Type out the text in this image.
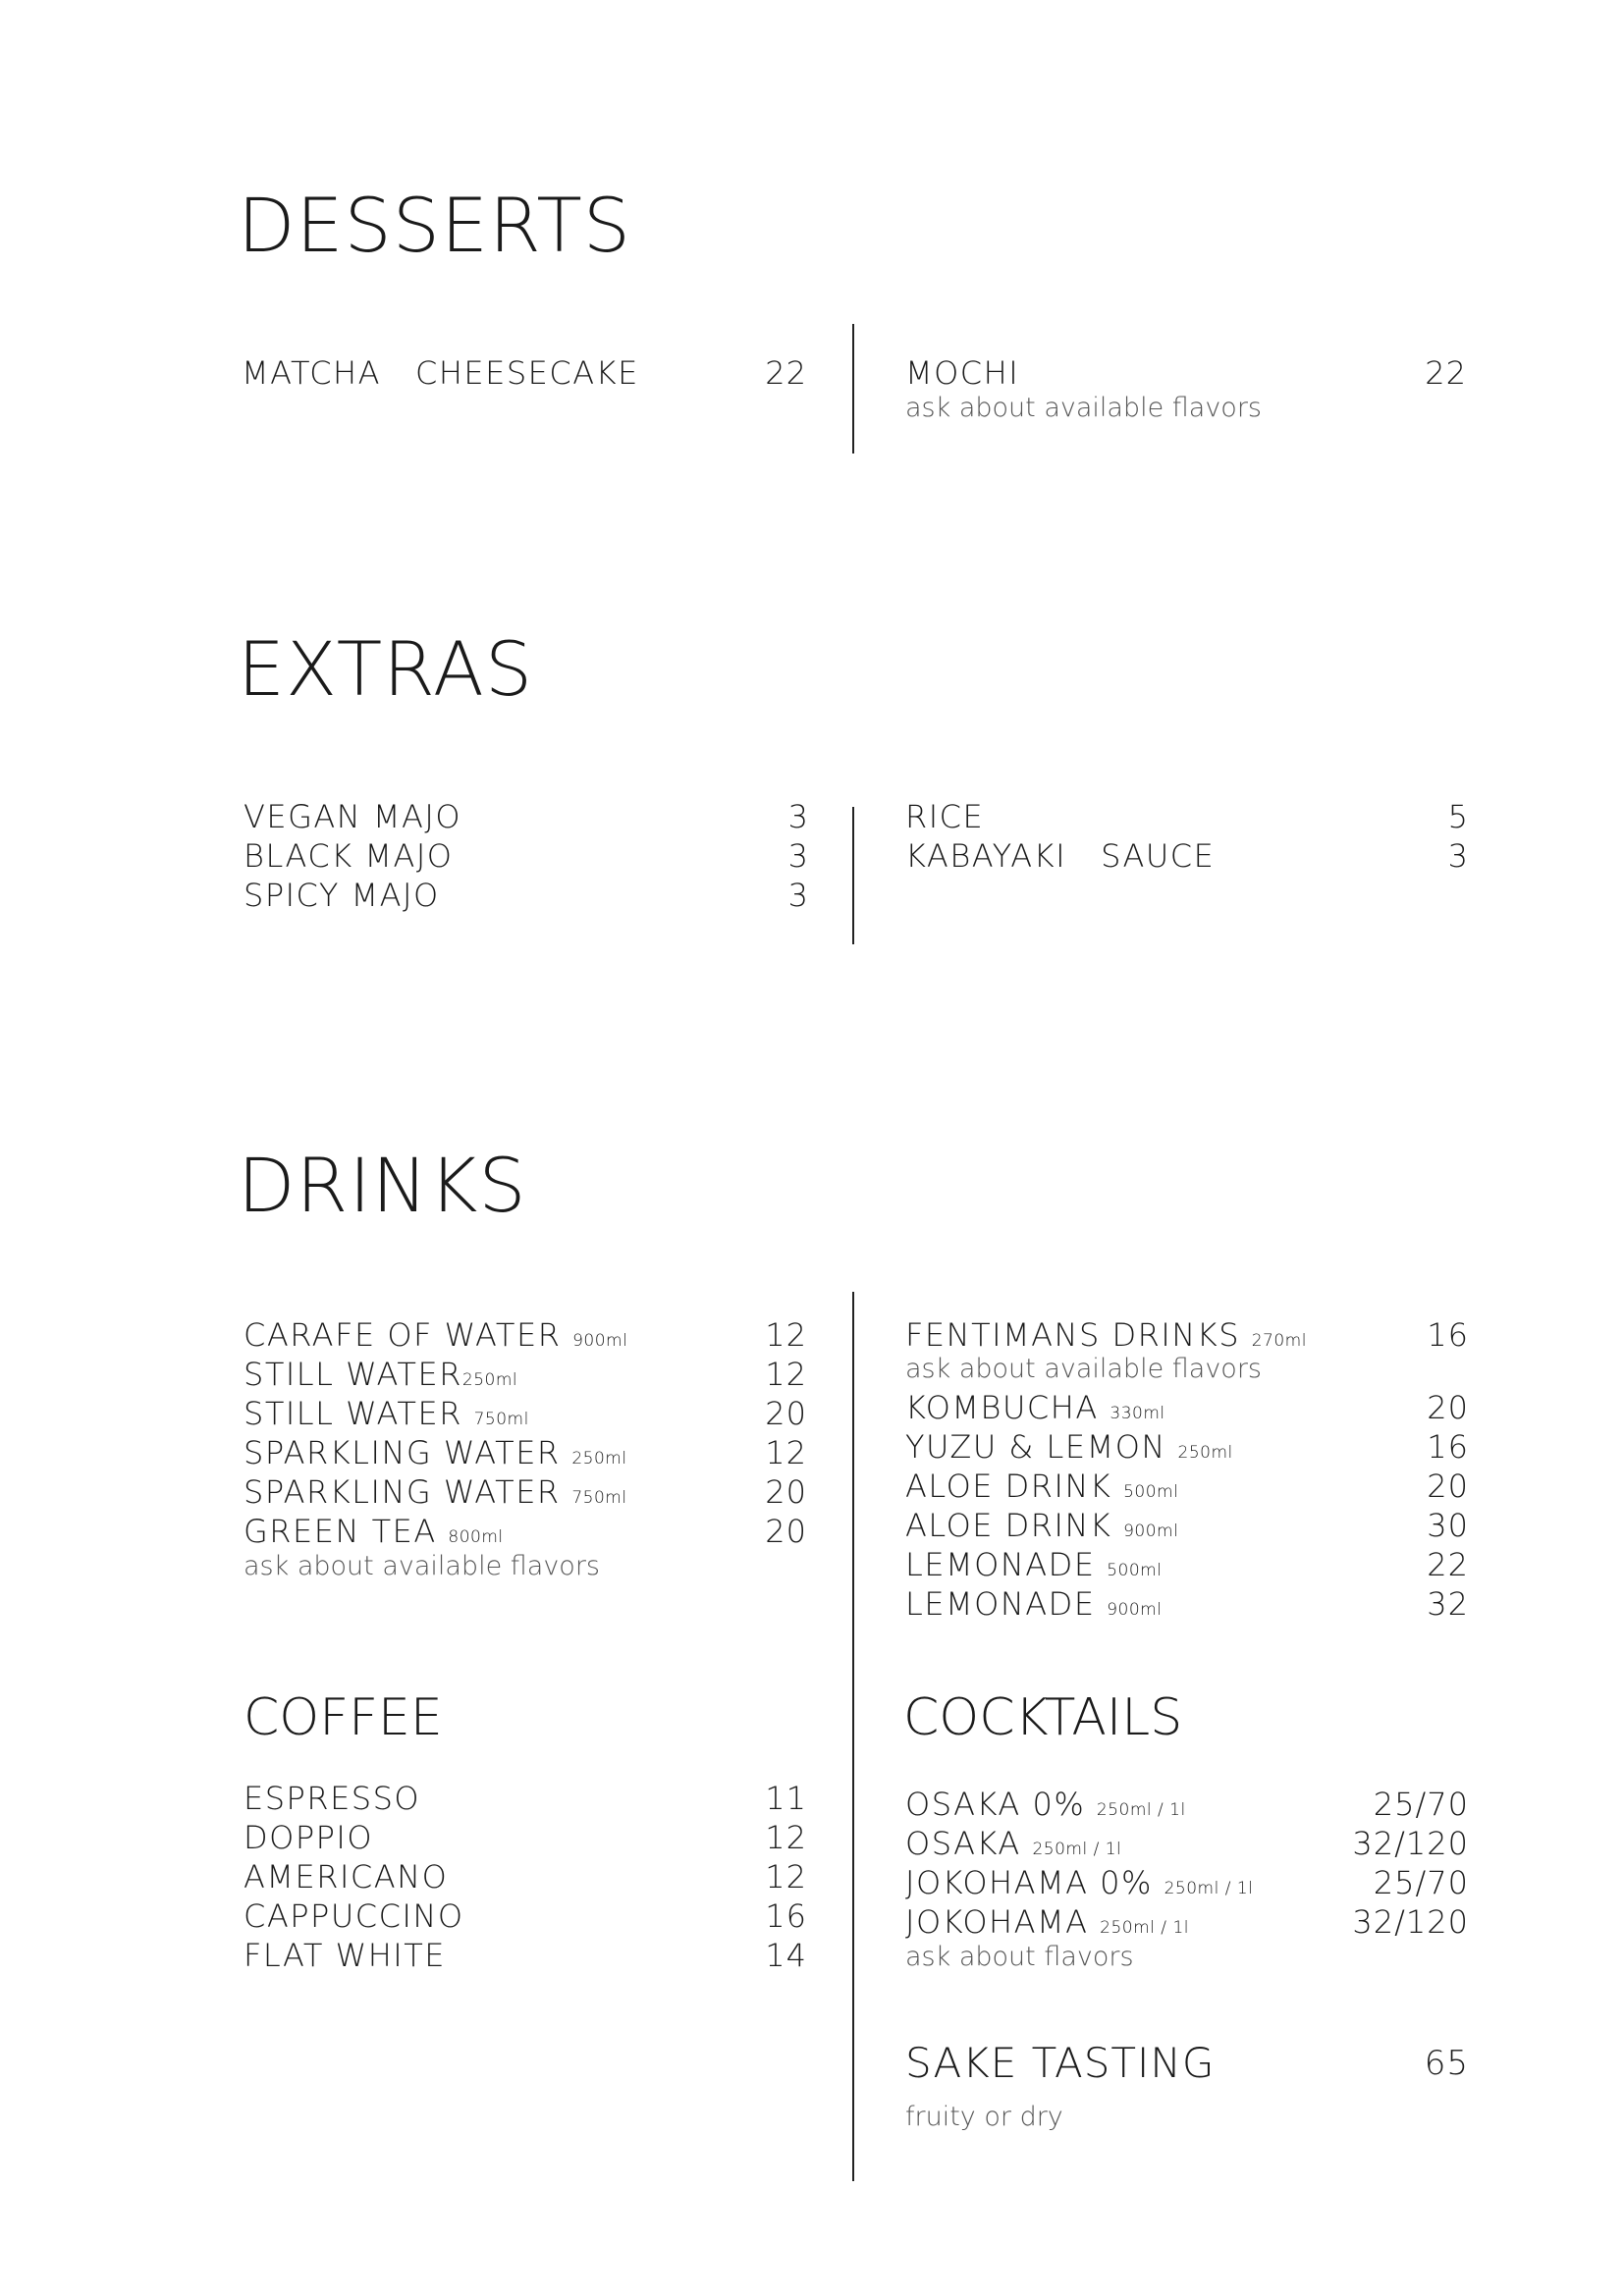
DESSERTS
MATCHA   CHEESECAKE	22	MOCHI	22
ask about available flavors
EXTRAS
VEGAN MAJO	3
BLACK MAJO	3
SPICY MAJO	3
RICE	5
KABAYAKI   SAUCE	3
DRINKS
CARAFE OF WATER 900ml	12
STILL WATER250ml	12
STILL WATER 750ml	20
SPARKLING WATER 250ml	12
SPARKLING WATER 750ml	20
GREEN TEA 800ml	20
ask about available flavors
FENTIMANS DRINKS 270ml	16
ask about available flavors
KOMBUCHA 330ml	20
YUZU & LEMON 250ml	16
ALOE DRINK 500ml	20
ALOE DRINK 900ml	30
LEMONADE 500ml	22
LEMONADE 900ml	32
COFFEE
ESPRESSO	11
DOPPIO	12
AMERICANO	12
CAPPUCCINO	16
FLAT WHITE	14
COCKTAILS
OSAKA 0% 250ml / 1l	25/70
OSAKA 250ml / 1l	32/120
JOKOHAMA 0% 250ml / 1l	25/70
JOKOHAMA 250ml / 1l	32/120
ask about flavors
SAKE TASTING	65
fruity or dry
